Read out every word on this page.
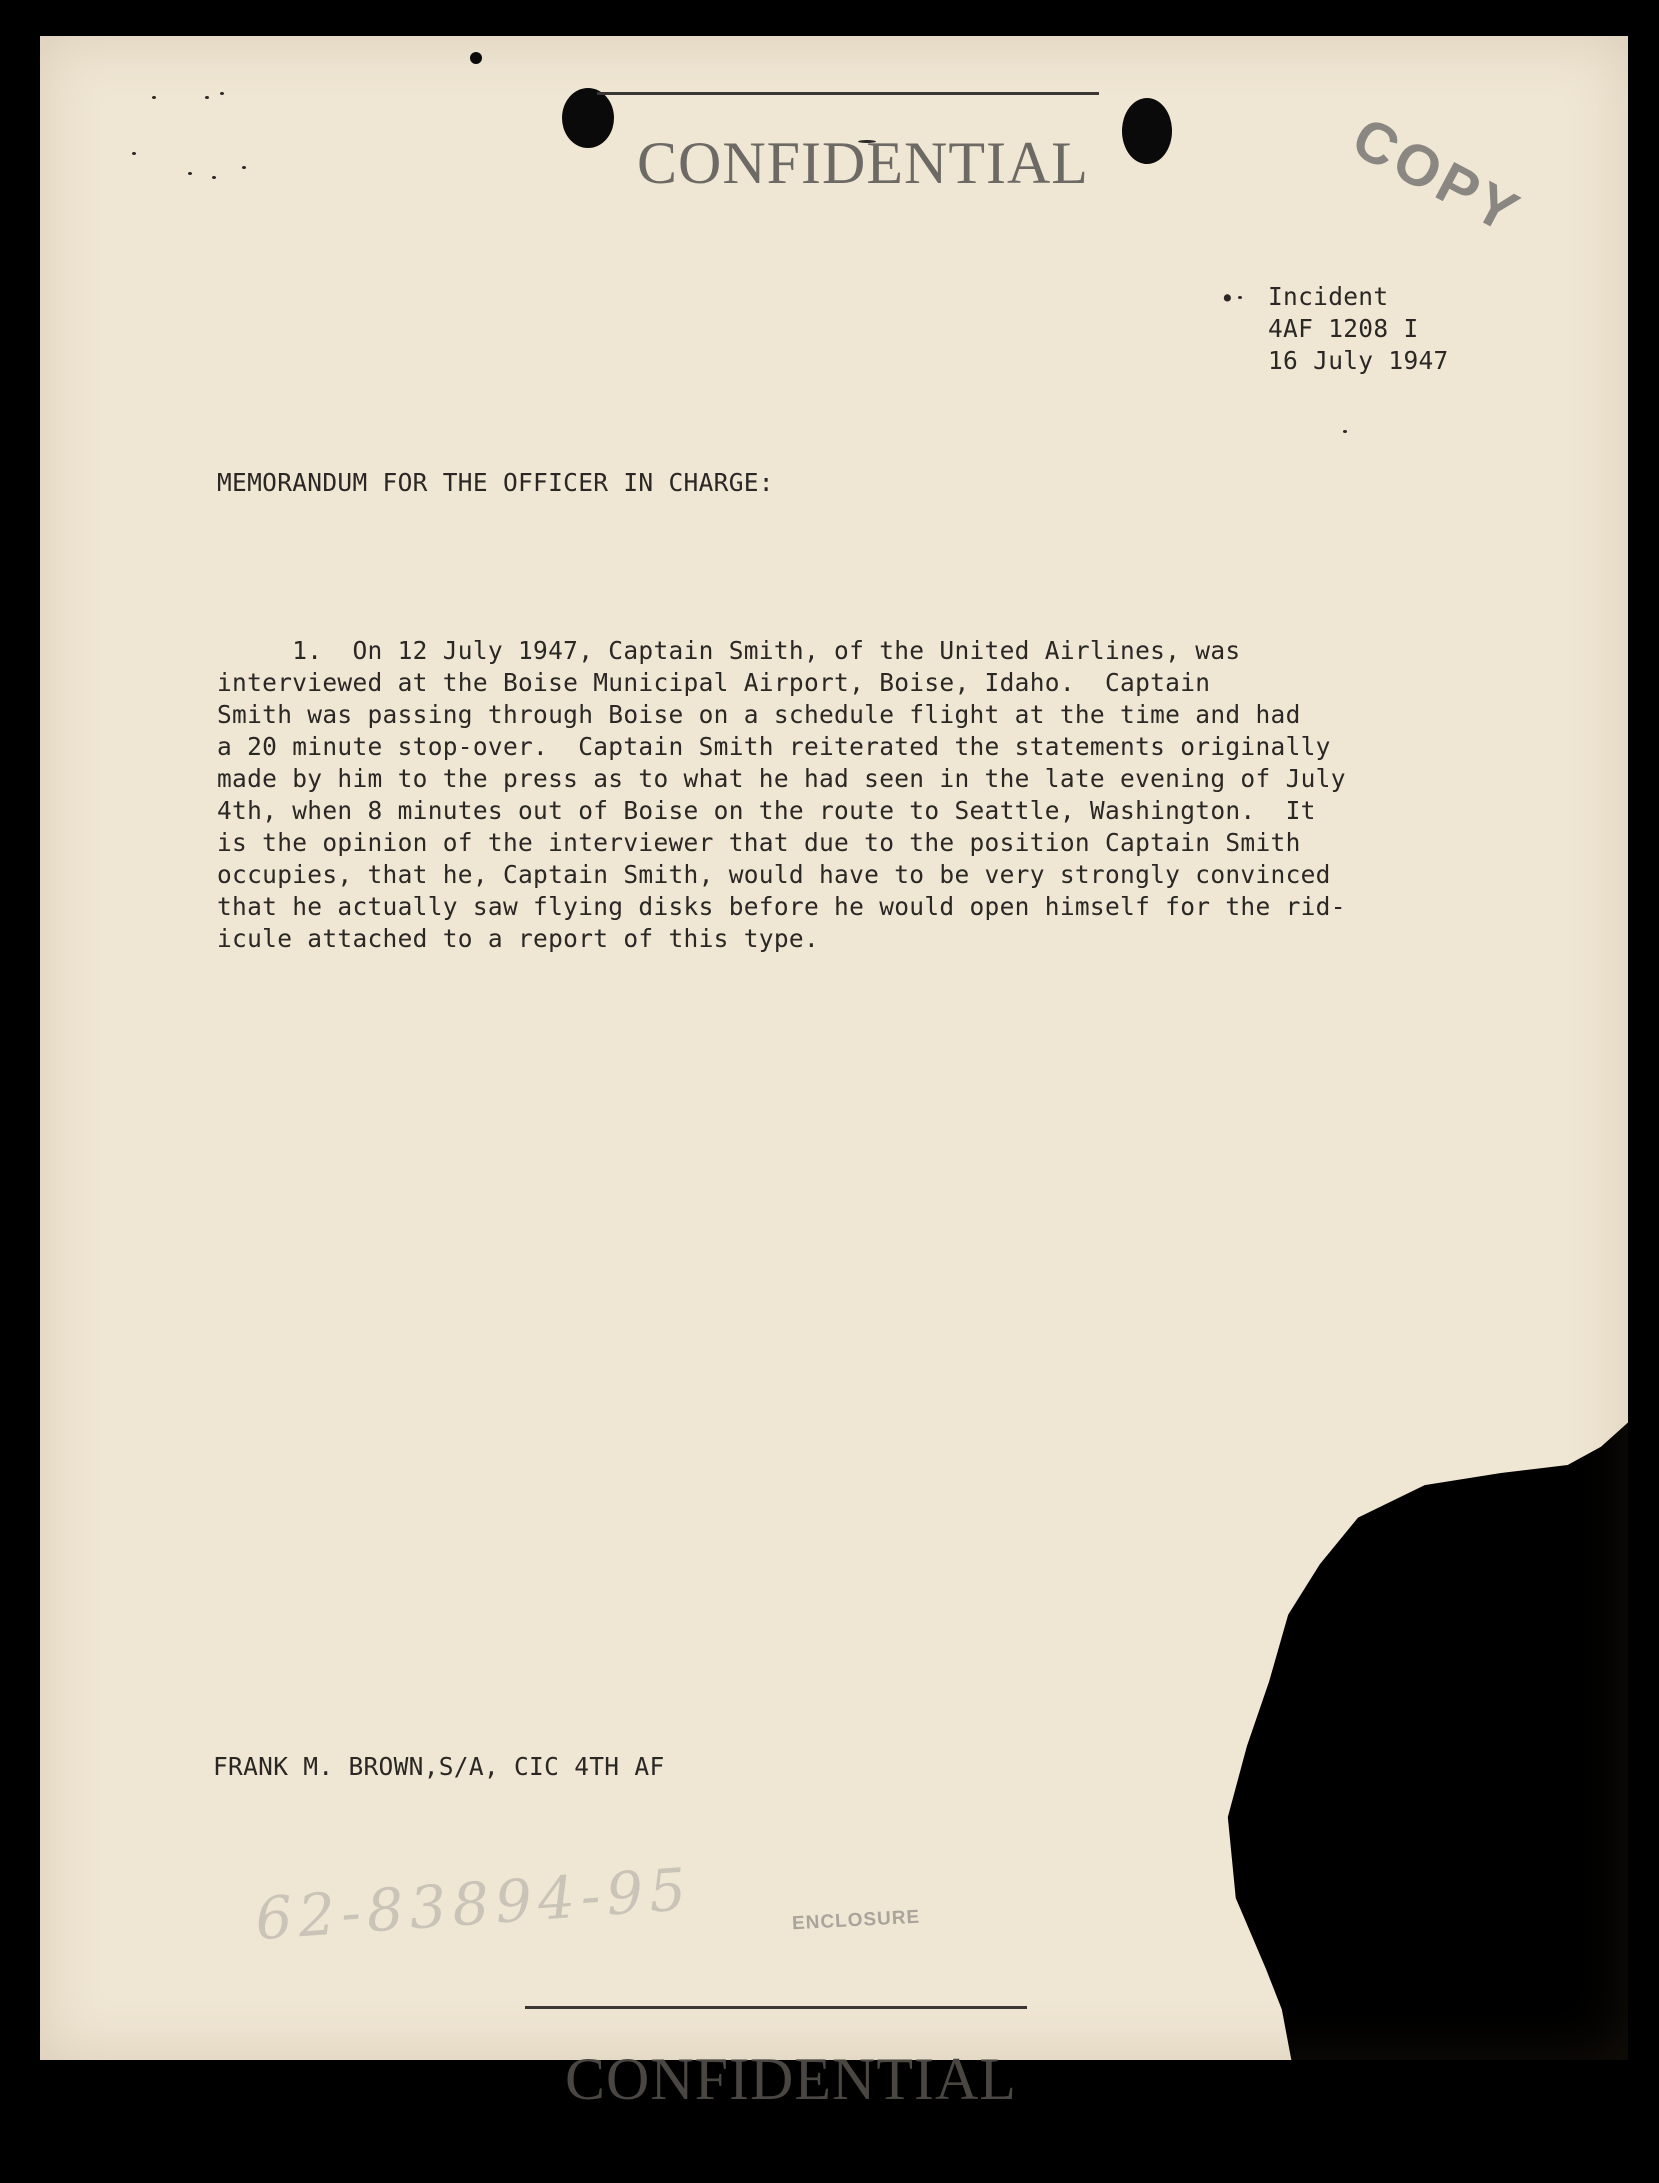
CONFIDENTIAL
	COPY
• Incident
4AF 1208 I
16 July 1947
MEMORANDUM FOR THE OFFICER IN CHARGE:
1.  On 12 July 1947, Captain Smith, of the United Airlines, was
interviewed at the Boise Municipal Airport, Boise, Idaho.  Captain
Smith was passing through Boise on a schedule flight at the time and had
a 20 minute stop-over.  Captain Smith reiterated the statements originally
made by him to the press as to what he had seen in the late evening of July
4th, when 8 minutes out of Boise on the route to Seattle, Washington.  It
is the opinion of the interviewer that due to the position Captain Smith
occupies, that he, Captain Smith, would have to be very strongly convinced
that he actually saw flying disks before he would open himself for the rid-
icule attached to a report of this type.
FRANK M. BROWN,S/A, CIC 4TH AF
62-83894-95	ENCLOSURE

CONFIDENTIAL
